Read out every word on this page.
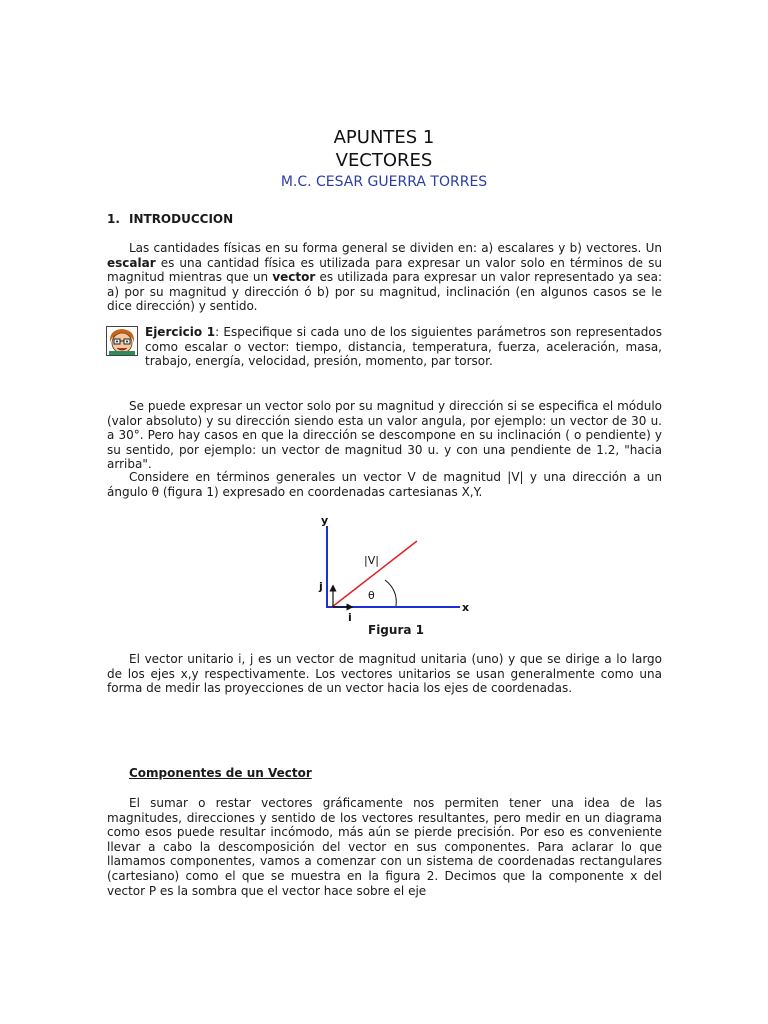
APUNTES 1
VECTORES
M.C. CESAR GUERRA TORRES
1. INTRODUCCION
Las cantidades físicas en su forma general se dividen en: a) escalares y b) vectores. Un escalar es una cantidad física es utilizada para expresar un valor solo en términos de su magnitud mientras que un vector es utilizada para expresar un valor representado ya sea: a) por su magnitud y dirección ó b) por su magnitud, inclinación (en algunos casos se le dice dirección) y sentido.
Ejercicio 1: Especifique si cada uno de los siguientes parámetros son representados como escalar o vector: tiempo, distancia, temperatura, fuerza, aceleración, masa, trabajo, energía, velocidad, presión, momento, par torsor.
Se puede expresar un vector solo por su magnitud y dirección si se especifica el módulo (valor absoluto) y su dirección siendo esta un valor angula, por ejemplo: un vector de 30 u. a 30°. Pero hay casos en que la dirección se descompone en su inclinación ( o pendiente) y su sentido, por ejemplo: un vector de magnitud 30 u. y con una pendiente de 1.2, "hacia arriba".
Considere en términos generales un vector V de magnitud |V| y una dirección a un ángulo θ (figura 1) expresado en coordenadas cartesianas X,Y.
y
x
j
i
|V|
θ
Figura 1
El vector unitario i, j es un vector de magnitud unitaria (uno) y que se dirige a lo largo de los ejes x,y respectivamente. Los vectores unitarios se usan generalmente como una forma de medir las proyecciones de un vector hacia los ejes de coordenadas.
Componentes de un Vector
El sumar o restar vectores gráficamente nos permiten tener una idea de las magnitudes, direcciones y sentido de los vectores resultantes, pero medir en un diagrama como esos puede resultar incómodo, más aún se pierde precisión. Por eso es conveniente llevar a cabo la descomposición del vector en sus componentes. Para aclarar lo que llamamos componentes, vamos a comenzar con un sistema de coordenadas rectangulares (cartesiano) como el que se muestra en la figura 2. Decimos que la componente x del vector P es la sombra que el vector hace sobre el eje
